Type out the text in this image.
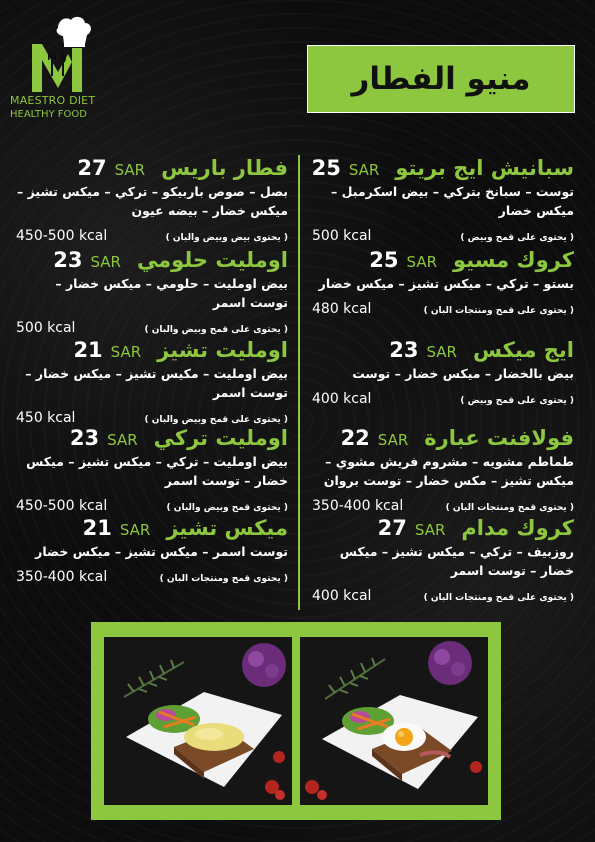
MAESTRO DIET
HEALTHY FOOD
منيو الفطار
سبانيش ايج بريتو
25 SAR
توست – سبانخ بتركي – بيض اسكرمبل – ميكس خضار
500 kcal	( يحتوى على قمح وبيض )
كروك مسيو
25 SAR
بستو – تركي – ميكس تشيز – ميكس خضار
480 kcal	( يحتوى على قمح ومنتجات البان )
ايج ميكس
23 SAR
بيض بالخضار – ميكس خضار – توست
400 kcal	( يحتوى على قمح وبيض )
فولافنت عبارة
22 SAR
طماطم مشويه – مشروم فريش مشوي – ميكس تشيز – مكس خضار – توست بروان
350-400 kcal	( يحتوى قمح ومنتجات البان )
كروك مدام
27 SAR
روزبيف – تركي – ميكس تشيز – ميكس خضار – توست اسمر
400 kcal	( يحتوى على قمح ومنتجات البان )
فطار باريس
27 SAR
بصل – صوص باربيكو – تركي – ميكس تشيز – ميكس خضار – بيضه عيون
450-500 kcal	( يحتوى بيض وبيض والبان )
اومليت حلومي
23 SAR
بيض اومليت – حلومي – ميكس خضار – توست اسمر
500 kcal	( يحتوى على قمح وبيض والبان )
اومليت تشيز
21 SAR
بيض اومليت – مكيس تشيز – ميكس خضار – توست اسمر
450 kcal	( يحتوى على قمح وبيض والبان )
اومليت تركي
23 SAR
بيض اومليت – تركي – ميكس تشيز – ميكس خضار – توست اسمر
450-500 kcal	( يحتوى قمح وبيض والبان )
ميكس تشيز
21 SAR
توست اسمر – ميكس تشيز – ميكس خضار
350-400 kcal	( يحتوى قمح ومنتجات البان )
